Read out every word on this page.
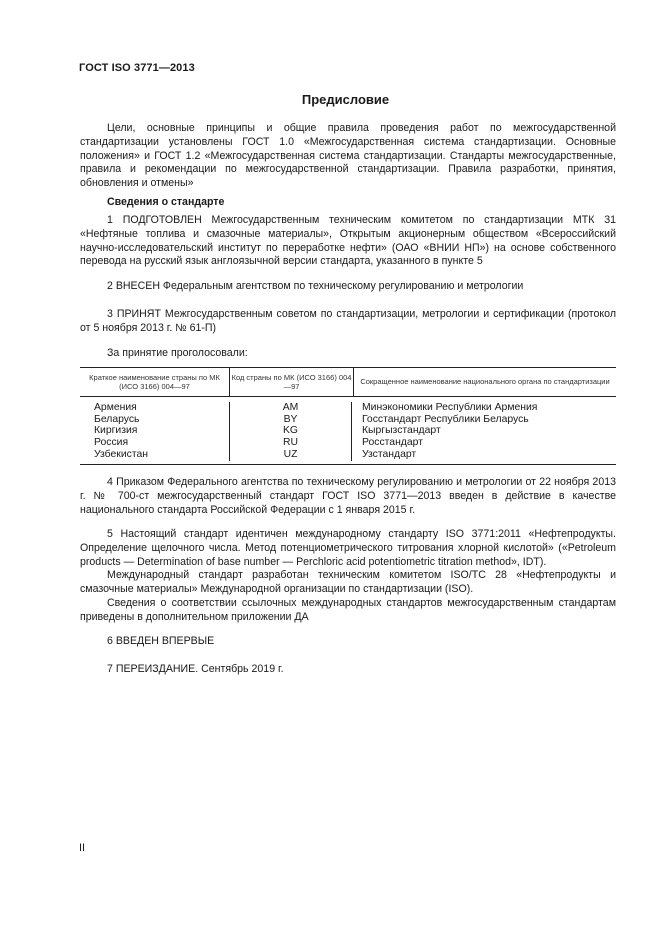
ГОСТ ISO 3771—2013
Предисловие
Цели, основные принципы и общие правила проведения работ по межгосударственной стандартизации установлены ГОСТ 1.0 «Межгосударственная система стандартизации. Основные положения» и ГОСТ 1.2 «Межгосударственная система стандартизации. Стандарты межгосударственные, правила и рекомендации по межгосударственной стандартизации. Правила разработки, принятия, обновления и отмены»
Сведения о стандарте
1 ПОДГОТОВЛЕН Межгосударственным техническим комитетом по стандартизации МТК 31 «Нефтяные топлива и смазочные материалы», Открытым акционерным обществом «Всероссийский научно-исследовательский институт по переработке нефти» (ОАО «ВНИИ НП») на основе собственного перевода на русский язык англоязычной версии стандарта, указанного в пункте 5
2 ВНЕСЕН Федеральным агентством по техническому регулированию и метрологии
3 ПРИНЯТ Межгосударственным советом по стандартизации, метрологии и сертификации (протокол от 5 ноября 2013 г. № 61-П)
За принятие проголосовали:
Краткое наименование страны по МК (ИСО 3166) 004—97
Код страны по МК (ИСО 3166) 004—97
Сокращенное наименование национального органа по стандартизации
Армения
Беларусь
Киргизия
Россия
Узбекистан
AM
BY
KG
RU
UZ
Минэкономики Республики Армения
Госстандарт Республики Беларусь
Кыргызстандарт
Росстандарт
Узстандарт
4 Приказом Федерального агентства по техническому регулированию и метрологии от 22 ноября 2013 г. № 700-ст межгосударственный стандарт ГОСТ ISO 3771—2013 введен в действие в качестве национального стандарта Российской Федерации с 1 января 2015 г.
5 Настоящий стандарт идентичен международному стандарту ISO 3771:2011 «Нефтепродукты. Определение щелочного числа. Метод потенциометрического титрования хлорной кислотой» («Petroleum products — Determination of base number — Perchloric acid potentiometric titration method», IDT).
Международный стандарт разработан техническим комитетом ISO/TC 28 «Нефтепродукты и смазочные материалы» Международной организации по стандартизации (ISO).
Сведения о соответствии ссылочных международных стандартов межгосударственным стандартам приведены в дополнительном приложении ДА
6 ВВЕДЕН ВПЕРВЫЕ
7 ПЕРЕИЗДАНИЕ. Сентябрь 2019 г.
II
